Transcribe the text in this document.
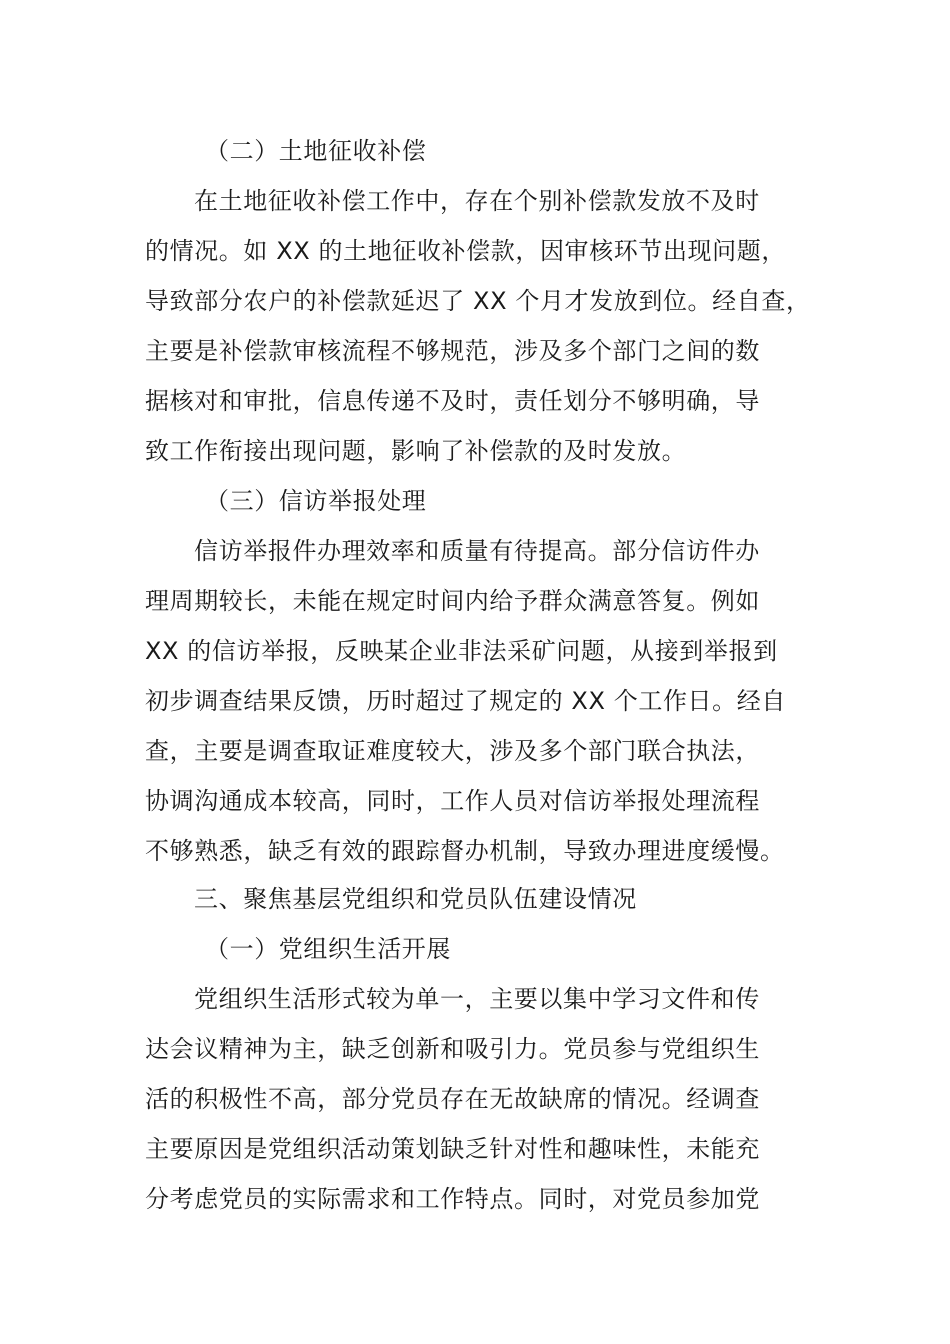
（二）土地征收补偿
在土地征收补偿工作中，存在个别补偿款发放不及时
的情况。如 XX 的土地征收补偿款，因审核环节出现问题，
导致部分农户的补偿款延迟了 XX 个月才发放到位。经自查，
主要是补偿款审核流程不够规范，涉及多个部门之间的数
据核对和审批，信息传递不及时，责任划分不够明确，导
致工作衔接出现问题，影响了补偿款的及时发放。
（三）信访举报处理
信访举报件办理效率和质量有待提高。部分信访件办
理周期较长，未能在规定时间内给予群众满意答复。例如
XX 的信访举报，反映某企业非法采矿问题，从接到举报到
初步调查结果反馈，历时超过了规定的 XX 个工作日。经自
查，主要是调查取证难度较大，涉及多个部门联合执法，
协调沟通成本较高，同时，工作人员对信访举报处理流程
不够熟悉，缺乏有效的跟踪督办机制，导致办理进度缓慢。
三、聚焦基层党组织和党员队伍建设情况
（一）党组织生活开展
党组织生活形式较为单一，主要以集中学习文件和传
达会议精神为主，缺乏创新和吸引力。党员参与党组织生
活的积极性不高，部分党员存在无故缺席的情况。经调查
主要原因是党组织活动策划缺乏针对性和趣味性，未能充
分考虑党员的实际需求和工作特点。同时，对党员参加党
